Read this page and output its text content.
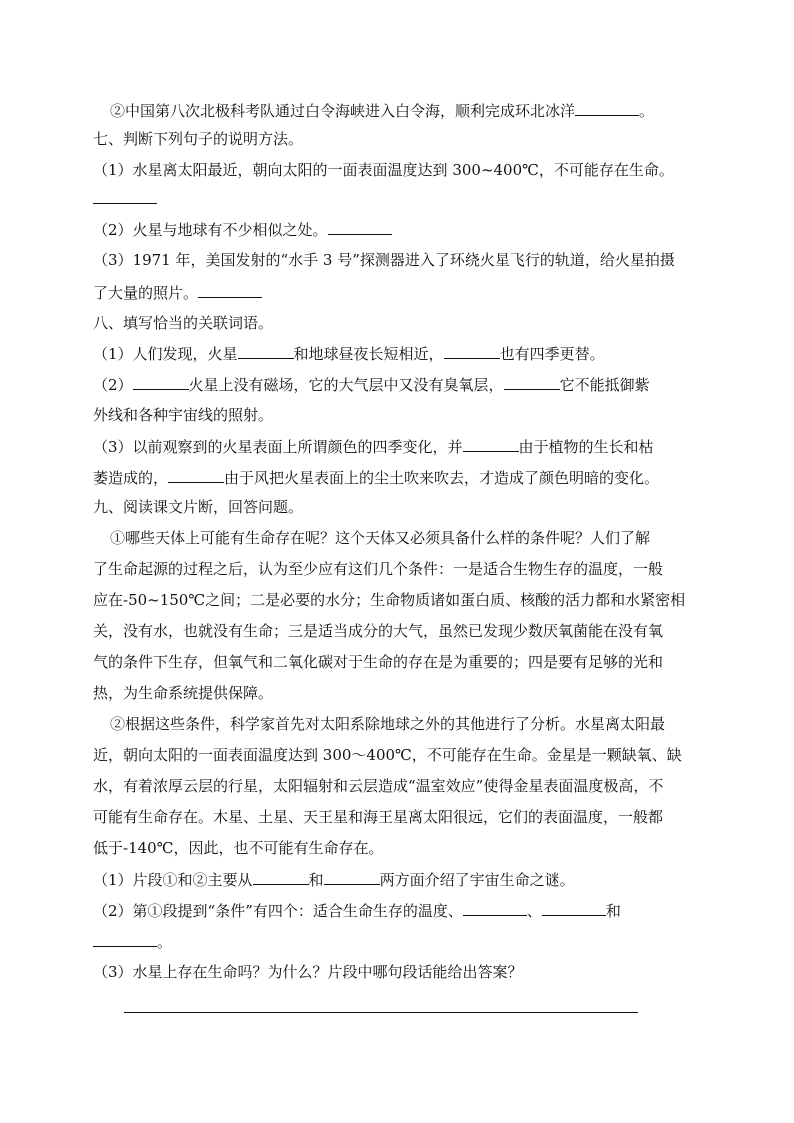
②中国第八次北极科考队通过白令海峡进入白令海，顺利完成环北冰洋	。
七、判断下列句子的说明方法。
（1）水星离太阳最近，朝向太阳的一面表面温度达到 300~400℃，不可能存在生命。
（2）火星与地球有不少相似之处。
（3）1971 年，美国发射的“水手 3 号”探测器进入了环绕火星飞行的轨道，给火星拍摄
了大量的照片。
八、填写恰当的关联词语。
（1）人们发现，火星	和地球昼夜长短相近，	也有四季更替。
（2）	火星上没有磁场，它的大气层中又没有臭氧层，	它不能抵御紫
外线和各种宇宙线的照射。
（3）以前观察到的火星表面上所谓颜色的四季变化，并	由于植物的生长和枯
萎造成的，	由于风把火星表面上的尘土吹来吹去，才造成了颜色明暗的变化。
九、阅读课文片断，回答问题。
①哪些天体上可能有生命存在呢？这个天体又必须具备什么样的条件呢？人们了解
了生命起源的过程之后，认为至少应有这们几个条件：一是适合生物生存的温度，一般
应在-50~150℃之间；二是必要的水分；生命物质诸如蛋白质、核酸的活力都和水紧密相
关，没有水，也就没有生命；三是适当成分的大气，虽然已发现少数厌氧菌能在没有氧
气的条件下生存，但氧气和二氧化碳对于生命的存在是为重要的；四是要有足够的光和
热，为生命系统提供保障。
②根据这些条件，科学家首先对太阳系除地球之外的其他进行了分析。水星离太阳最
近，朝向太阳的一面表面温度达到 300～400℃，不可能存在生命。金星是一颗缺氧、缺
水，有着浓厚云层的行星，太阳辐射和云层造成“温室效应”使得金星表面温度极高，不
可能有生命存在。木星、土星、天王星和海王星离太阳很远，它们的表面温度，一般都
低于-140℃，因此，也不可能有生命存在。
（1）片段①和②主要从	和	两方面介绍了宇宙生命之谜。
（2）第①段提到“条件”有四个：适合生命生存的温度、	、	和
。
（3）水星上存在生命吗？为什么？片段中哪句段话能给出答案？
